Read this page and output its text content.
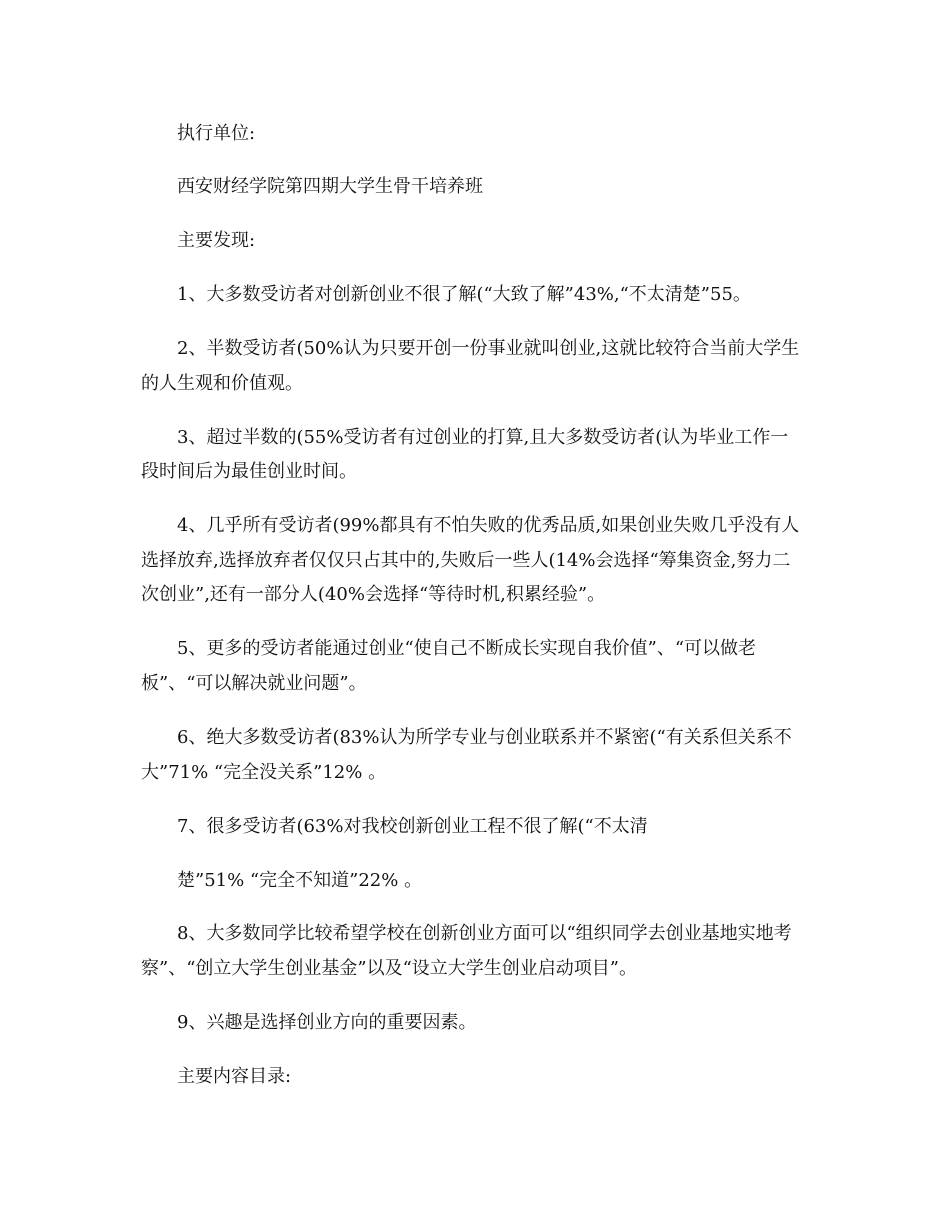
执行单位:
西安财经学院第四期大学生骨干培养班
主要发现:
1、大多数受访者对创新创业不很了解(“大致了解”43%,“不太清楚”55。
2、半数受访者(50%认为只要开创一份事业就叫创业,这就比较符合当前大学生
的人生观和价值观。
3、超过半数的(55%受访者有过创业的打算,且大多数受访者(认为毕业工作一
段时间后为最佳创业时间。
4、几乎所有受访者(99%都具有不怕失败的优秀品质,如果创业失败几乎没有人
选择放弃,选择放弃者仅仅只占其中的,失败后一些人(14%会选择“筹集资金,努力二
次创业”,还有一部分人(40%会选择“等待时机,积累经验”。
5、更多的受访者能通过创业“使自己不断成长实现自我价值”、“可以做老
板”、“可以解决就业问题”。
6、绝大多数受访者(83%认为所学专业与创业联系并不紧密(“有关系但关系不
大”71% “完全没关系”12% 。
7、很多受访者(63%对我校创新创业工程不很了解(“不太清
楚”51% “完全不知道”22% 。
8、大多数同学比较希望学校在创新创业方面可以“组织同学去创业基地实地考
察”、“创立大学生创业基金”以及“设立大学生创业启动项目”。
9、兴趣是选择创业方向的重要因素。
主要内容目录:
